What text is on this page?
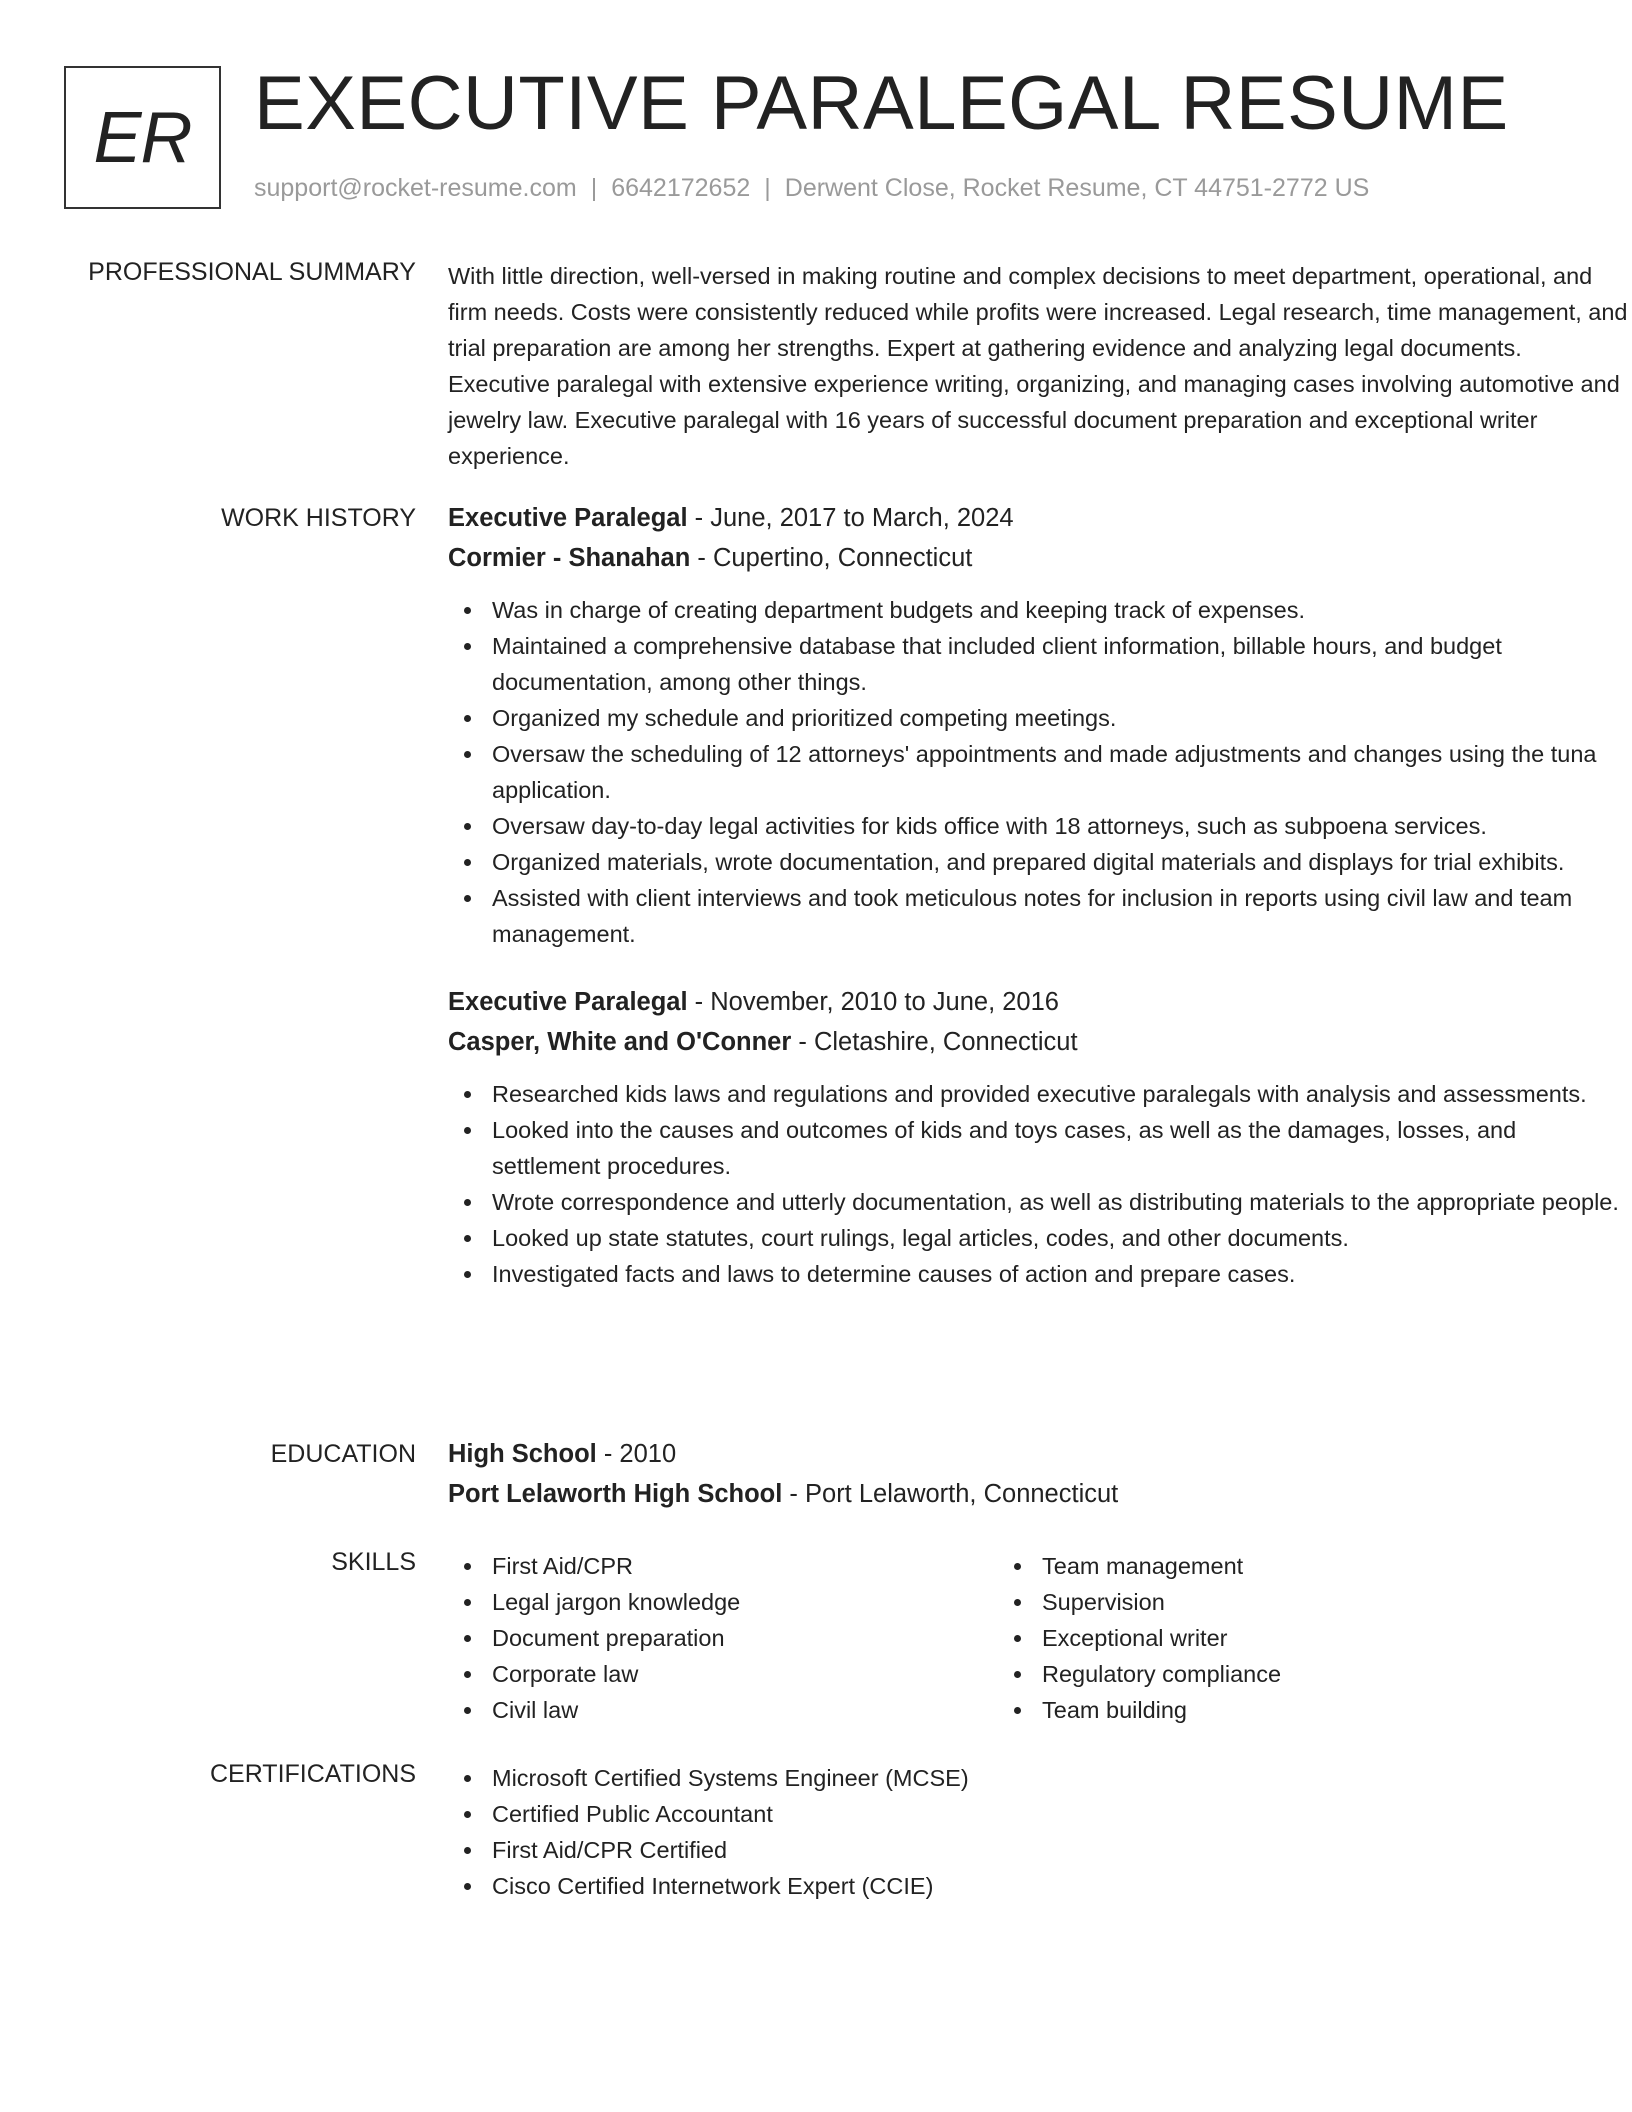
ER EXECUTIVE PARALEGAL RESUME
support@rocket-resume.com | 6642172652 | Derwent Close, Rocket Resume, CT 44751-2772 US
PROFESSIONAL SUMMARY With little direction, well-versed in making routine and complex decisions to meet department, operational, and firm needs. Costs were consistently reduced while profits were increased. Legal research, time management, and trial preparation are among her strengths. Expert at gathering evidence and analyzing legal documents. Executive paralegal with extensive experience writing, organizing, and managing cases involving automotive and jewelry law. Executive paralegal with 16 years of successful document preparation and exceptional writer experience.
WORK HISTORY Executive Paralegal - June, 2017 to March, 2024
Cormier - Shanahan - Cupertino, Connecticut
Was in charge of creating department budgets and keeping track of expenses.
Maintained a comprehensive database that included client information, billable hours, and budget documentation, among other things.
Organized my schedule and prioritized competing meetings.
Oversaw the scheduling of 12 attorneys' appointments and made adjustments and changes using the tuna application.
Oversaw day-to-day legal activities for kids office with 18 attorneys, such as subpoena services.
Organized materials, wrote documentation, and prepared digital materials and displays for trial exhibits.
Assisted with client interviews and took meticulous notes for inclusion in reports using civil law and team management.
Executive Paralegal - November, 2010 to June, 2016
Casper, White and O'Conner - Cletashire, Connecticut
Researched kids laws and regulations and provided executive paralegals with analysis and assessments.
Looked into the causes and outcomes of kids and toys cases, as well as the damages, losses, and settlement procedures.
Wrote correspondence and utterly documentation, as well as distributing materials to the appropriate people.
Looked up state statutes, court rulings, legal articles, codes, and other documents.
Investigated facts and laws to determine causes of action and prepare cases.
EDUCATION High School - 2010
Port Lelaworth High School - Port Lelaworth, Connecticut
SKILLS	First Aid/CPR
Legal jargon knowledge
Document preparation
Corporate law
Civil law
Team management
Supervision
Exceptional writer
Regulatory compliance
Team building
CERTIFICATIONS	Microsoft Certified Systems Engineer (MCSE)
Certified Public Accountant
First Aid/CPR Certified
Cisco Certified Internetwork Expert (CCIE)
